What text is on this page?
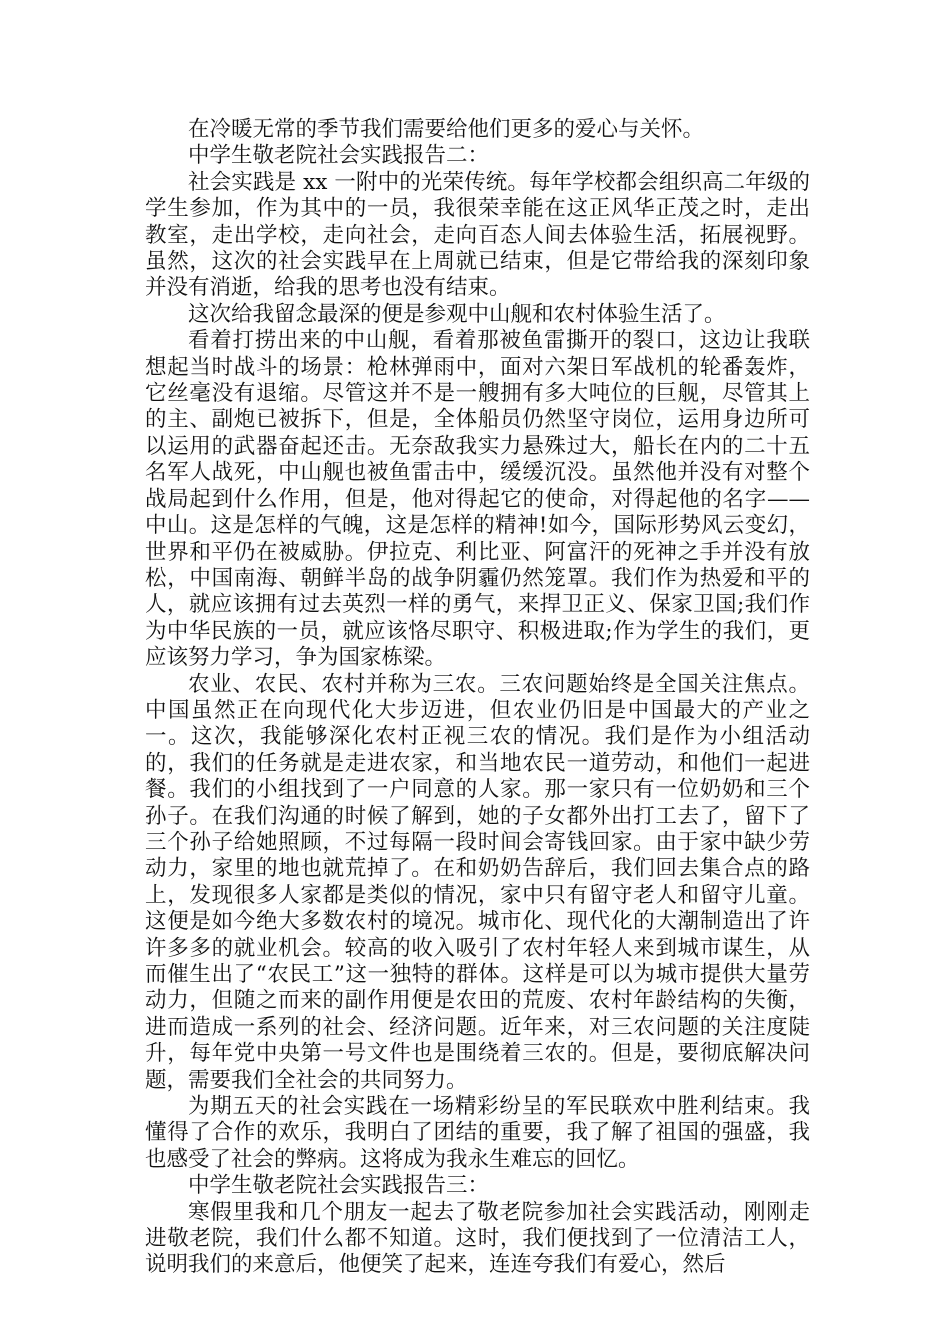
在冷暖无常的季节我们需要给他们更多的爱心与关怀。

中学生敬老院社会实践报告二：

社会实践是 xx 一附中的光荣传统。每年学校都会组织高二年级的学生参加，作为其中的一员，我很荣幸能在这正风华正茂之时，走出教室，走出学校，走向社会，走向百态人间去体验生活，拓展视野。虽然，这次的社会实践早在上周就已结束，但是它带给我的深刻印象并没有消逝，给我的思考也没有结束。

这次给我留念最深的便是参观中山舰和农村体验生活了。

看着打捞出来的中山舰，看着那被鱼雷撕开的裂口，这边让我联想起当时战斗的场景：枪林弹雨中，面对六架日军战机的轮番轰炸，它丝毫没有退缩。尽管这并不是一艘拥有多大吨位的巨舰，尽管其上的主、副炮已被拆下，但是，全体船员仍然坚守岗位，运用身边所可以运用的武器奋起还击。无奈敌我实力悬殊过大，船长在内的二十五名军人战死，中山舰也被鱼雷击中，缓缓沉没。虽然他并没有对整个战局起到什么作用，但是，他对得起它的使命，对得起他的名字——中山。这是怎样的气魄，这是怎样的精神!如今，国际形势风云变幻，世界和平仍在被威胁。伊拉克、利比亚、阿富汗的死神之手并没有放松，中国南海、朝鲜半岛的战争阴霾仍然笼罩。我们作为热爱和平的人，就应该拥有过去英烈一样的勇气，来捍卫正义、保家卫国;我们作为中华民族的一员，就应该恪尽职守、积极进取;作为学生的我们，更应该努力学习，争为国家栋梁。

农业、农民、农村并称为三农。三农问题始终是全国关注焦点。中国虽然正在向现代化大步迈进，但农业仍旧是中国最大的产业之一。这次，我能够深化农村正视三农的情况。我们是作为小组活动的，我们的任务就是走进农家，和当地农民一道劳动，和他们一起进餐。我们的小组找到了一户同意的人家。那一家只有一位奶奶和三个孙子。在我们沟通的时候了解到，她的子女都外出打工去了，留下了三个孙子给她照顾，不过每隔一段时间会寄钱回家。由于家中缺少劳动力，家里的地也就荒掉了。在和奶奶告辞后，我们回去集合点的路上，发现很多人家都是类似的情况，家中只有留守老人和留守儿童。这便是如今绝大多数农村的境况。城市化、现代化的大潮制造出了许许多多的就业机会。较高的收入吸引了农村年轻人来到城市谋生，从而催生出了“农民工”这一独特的群体。这样是可以为城市提供大量劳动力，但随之而来的副作用便是农田的荒废、农村年龄结构的失衡，进而造成一系列的社会、经济问题。近年来，对三农问题的关注度陡升，每年党中央第一号文件也是围绕着三农的。但是，要彻底解决问题，需要我们全社会的共同努力。

为期五天的社会实践在一场精彩纷呈的军民联欢中胜利结束。我懂得了合作的欢乐，我明白了团结的重要，我了解了祖国的强盛，我也感受了社会的弊病。这将成为我永生难忘的回忆。

中学生敬老院社会实践报告三：

寒假里我和几个朋友一起去了敬老院参加社会实践活动，刚刚走进敬老院，我们什么都不知道。这时，我们便找到了一位清洁工人，说明我们的来意后，他便笑了起来，连连夸我们有爱心，然后
